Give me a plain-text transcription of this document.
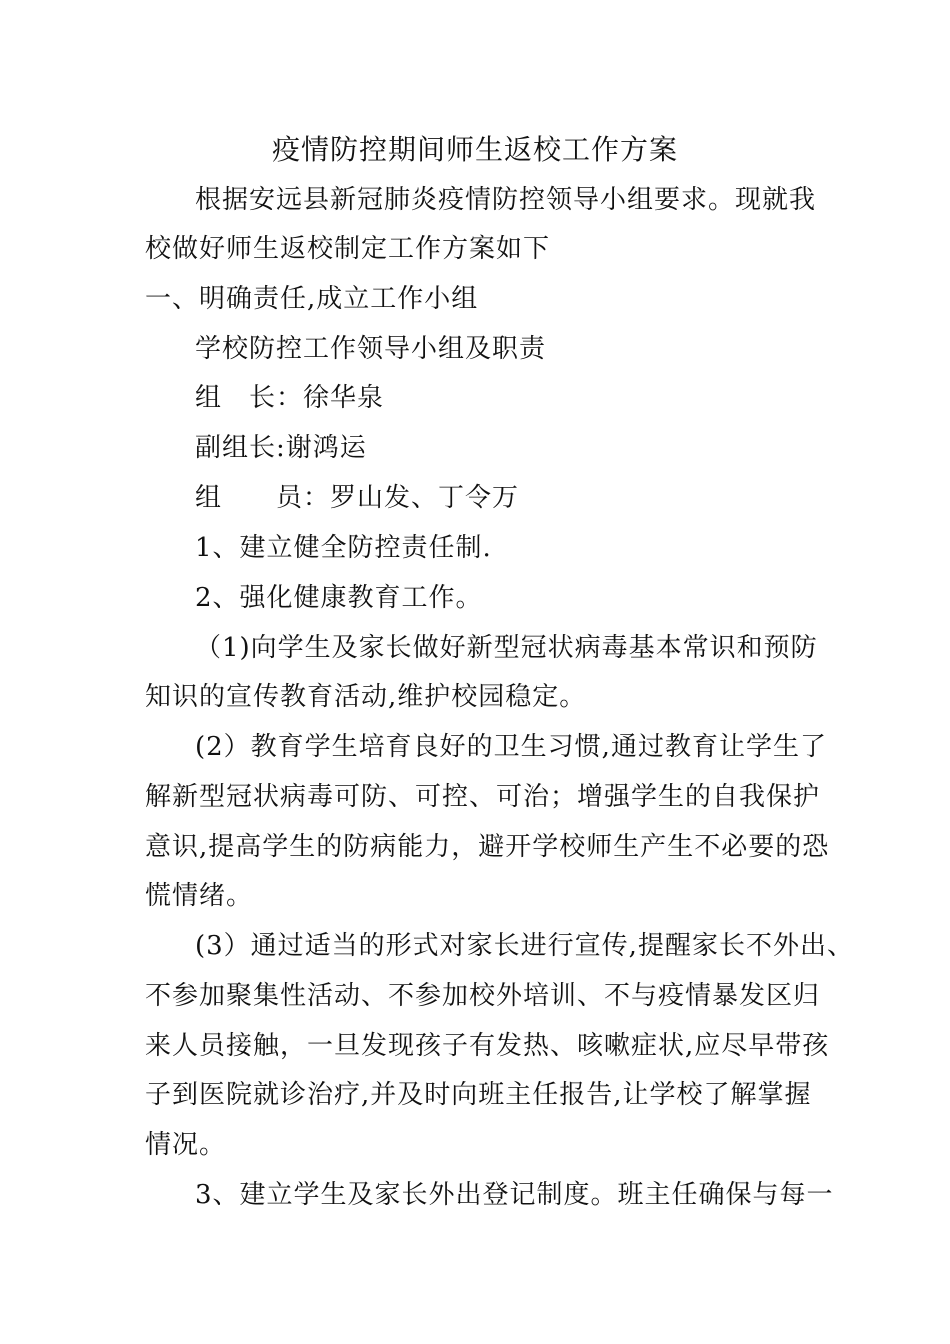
疫情防控期间师生返校工作方案
根据安远县新冠肺炎疫情防控领导小组要求。现就我
校做好师生返校制定工作方案如下
一、明确责任,成立工作小组
学校防控工作领导小组及职责
组　长：徐华泉
副组长:谢鸿运
组　　员：罗山发、丁令万
1、建立健全防控责任制.
2、强化健康教育工作。
（1)向学生及家长做好新型冠状病毒基本常识和预防
知识的宣传教育活动,维护校园稳定。
(2）教育学生培育良好的卫生习惯,通过教育让学生了
解新型冠状病毒可防、可控、可治；增强学生的自我保护
意识,提高学生的防病能力，避开学校师生产生不必要的恐
慌情绪。
(3）通过适当的形式对家长进行宣传,提醒家长不外出、
不参加聚集性活动、不参加校外培训、不与疫情暴发区归
来人员接触，一旦发现孩子有发热、咳嗽症状,应尽早带孩
子到医院就诊治疗,并及时向班主任报告,让学校了解掌握
情况。
3、建立学生及家长外出登记制度。班主任确保与每一
